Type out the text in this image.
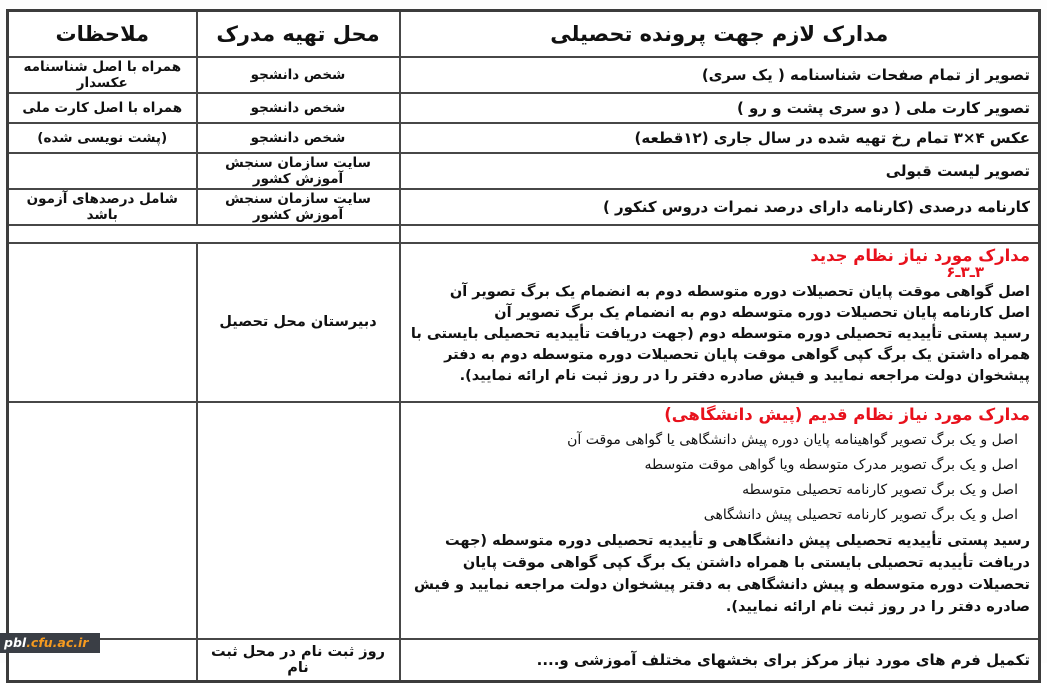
مدارک لازم جهت پرونده تحصیلی	محل تهیه مدرک	ملاحظات
تصویر از تمام صفحات شناسنامه ( یک سری)	شخص دانشجو	همراه با اصل شناسنامه عکسدار
تصویر کارت ملی ( دو سری پشت و رو )	شخص دانشجو	همراه با اصل کارت ملی
عکس ۴×۳ تمام رخ تهیه شده در سال جاری (۱۲قطعه)	شخص دانشجو	(پشت نویسی شده)
تصویر لیست قبولی	سایت سازمان سنجش آموزش کشور	
کارنامه درصدی (کارنامه دارای درصد نمرات دروس کنکور )	سایت سازمان سنجش آموزش کشور	شامل درصدهای آزمون باشد

مدارک مورد نیاز نظام جدید
۶ـ۳ـ۳
اصل گواهی موقت پایان تحصیلات دوره متوسطه دوم به انضمام یک برگ تصویر آن
اصل کارنامه پایان تحصیلات دوره متوسطه دوم به انضمام یک برگ تصویر آن
رسید پستی تأییدیه تحصیلی دوره متوسطه دوم (جهت دریافت تأییدیه تحصیلی بایستی با همراه داشتن یک برگ کپی گواهی موقت پایان تحصیلات دوره متوسطه دوم به دفتر پیشخوان دولت مراجعه نمایید و فیش صادره دفتر را در روز ثبت نام ارائه نمایید).	دبیرستان محل تحصیل	

مدارک مورد نیاز نظام قدیم (پیش دانشگاهی)
اصل و یک برگ تصویر گواهینامه پایان دوره پیش دانشگاهی یا گواهی موقت آن
اصل و یک برگ تصویر مدرک متوسطه ویا گواهی موقت متوسطه
اصل و یک برگ تصویر کارنامه تحصیلی متوسطه
اصل و یک برگ تصویر کارنامه تحصیلی پیش دانشگاهی
رسید پستی تأییدیه تحصیلی پیش دانشگاهی و تأییدیه تحصیلی دوره متوسطه (جهت دریافت تأییدیه تحصیلی بایستی با همراه داشتن یک برگ کپی گواهی موقت پایان تحصیلات دوره متوسطه و پیش دانشگاهی به دفتر پیشخوان دولت مراجعه نمایید و فیش صادره دفتر را در روز ثبت نام ارائه نمایید).

تکمیل فرم های مورد نیاز مرکز برای بخشهای مختلف آموزشی و....	روز ثبت نام در محل ثبت نام	
pbl.cfu.ac.ir
